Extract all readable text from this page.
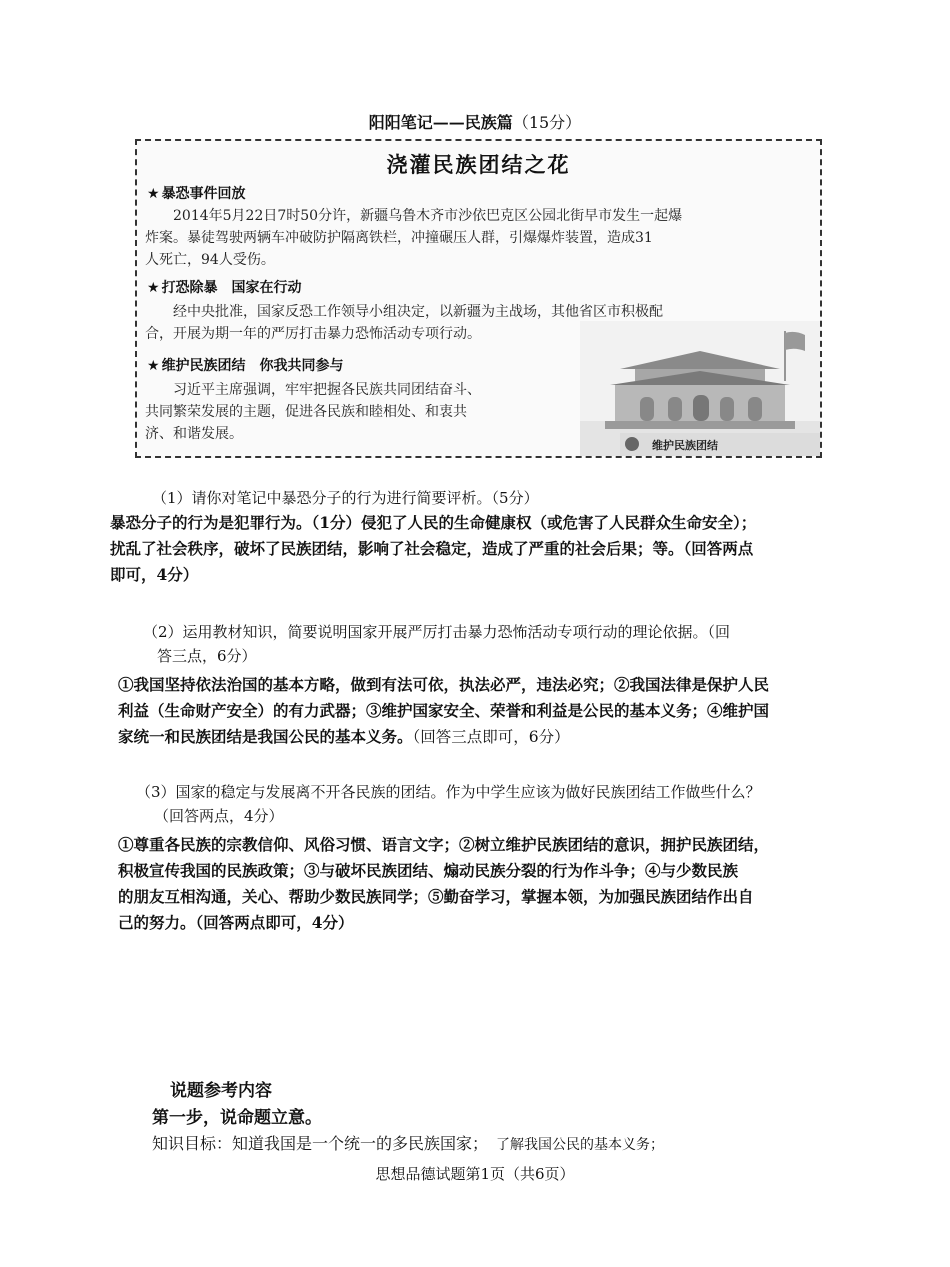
阳阳笔记——民族篇（15分）
浇灌民族团结之花
★ 暴恐事件回放
2014年5月22日7时50分许，新疆乌鲁木齐市沙依巴克区公园北街早市发生一起爆
炸案。暴徒驾驶两辆车冲破防护隔离铁栏，冲撞碾压人群，引爆爆炸装置，造成31
人死亡，94人受伤。
★ 打恐除暴　国家在行动
经中央批准，国家反恐工作领导小组决定，以新疆为主战场，其他省区市积极配
合，开展为期一年的严厉打击暴力恐怖活动专项行动。
★ 维护民族团结　你我共同参与
习近平主席强调，牢牢把握各民族共同团结奋斗、
共同繁荣发展的主题，促进各民族和睦相处、和衷共
济、和谐发展。
维护民族团结
（1）请你对笔记中暴恐分子的行为进行简要评析。（5分）
暴恐分子的行为是犯罪行为。（1分）侵犯了人民的生命健康权（或危害了人民群众生命安全）；
扰乱了社会秩序，破坏了民族团结，影响了社会稳定，造成了严重的社会后果；等。（回答两点
即可，4分）
（2）运用教材知识，简要说明国家开展严厉打击暴力恐怖活动专项行动的理论依据。（回
答三点，6分）
①我国坚持依法治国的基本方略，做到有法可依，执法必严，违法必究；②我国法律是保护人民
利益（生命财产安全）的有力武器；③维护国家安全、荣誉和利益是公民的基本义务；④维护国
家统一和民族团结是我国公民的基本义务。（回答三点即可，6分）
（3）国家的稳定与发展离不开各民族的团结。作为中学生应该为做好民族团结工作做些什么？
（回答两点，4分）
①尊重各民族的宗教信仰、风俗习惯、语言文字；②树立维护民族团结的意识，拥护民族团结，
积极宣传我国的民族政策；③与破坏民族团结、煽动民族分裂的行为作斗争；④与少数民族
的朋友互相沟通，关心、帮助少数民族同学；⑤勤奋学习，掌握本领，为加强民族团结作出自
己的努力。（回答两点即可，4分）
说题参考内容
第一步，说命题立意。
知识目标：知道我国是一个统一的多民族国家； 了解我国公民的基本义务；
思想品德试题第1页（共6页）
